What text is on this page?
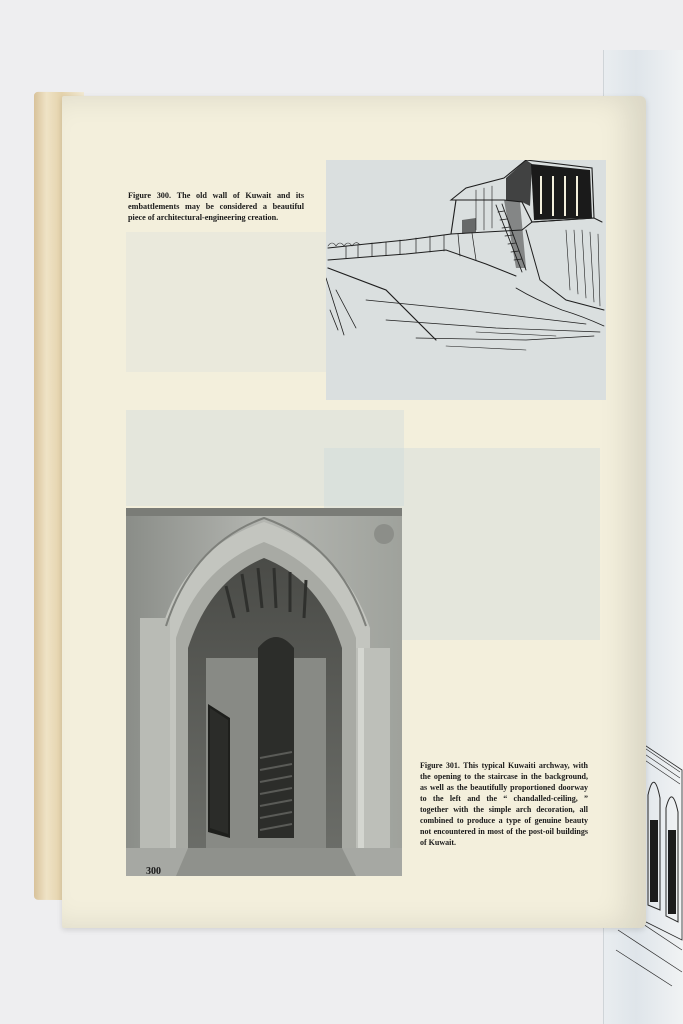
Figure 300. The old wall of Kuwait and its embattlements may be considered a beautiful piece of architectural-engineering creation.
Figure 301. This typical Kuwaiti archway, with the opening to the staircase in the background, as well as the beautifully proportioned doorway to the left and the “ chandalled-ceiling, ” together with the simple arch decoration, all combined to produce a type of genuine beauty not encountered in most of the post-oil buildings of Kuwait.
300
